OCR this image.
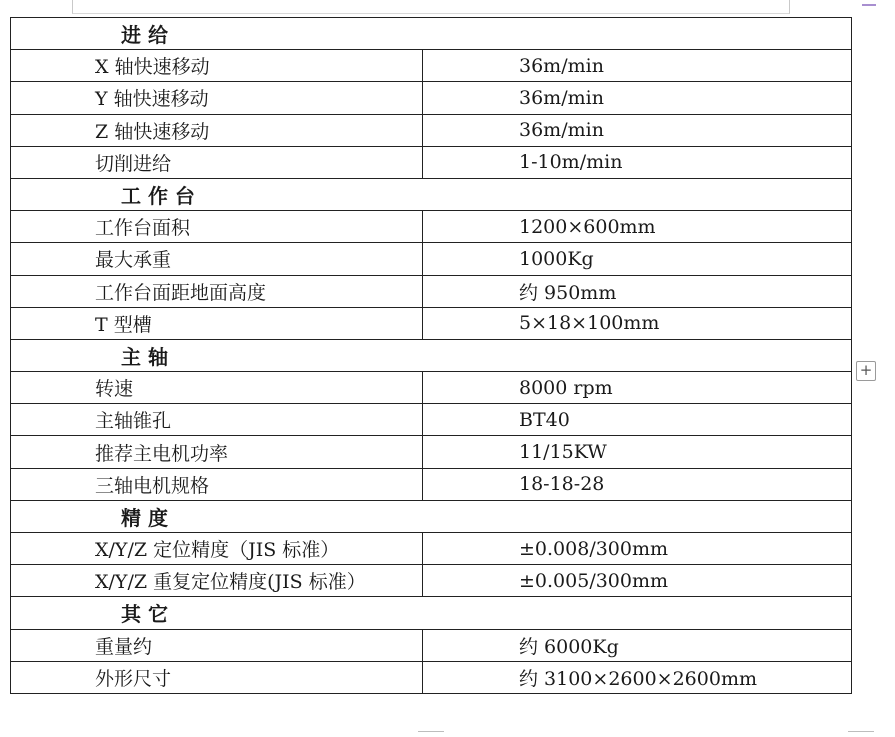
进 给	
X 轴快速移动	36m/min
Y 轴快速移动	36m/min
Z 轴快速移动	36m/min
切削进给	1-10m/min
工 作 台	
工作台面积	1200×600mm
最大承重	1000Kg
工作台面距地面高度	约 950mm
T 型槽	5×18×100mm
主 轴	
转速	8000 rpm
主轴锥孔	BT40
推荐主电机功率	11/15KW
三轴电机规格	18-18-28
精 度	
X/Y/Z 定位精度（JIS 标准）	±0.008/300mm
X/Y/Z 重复定位精度(JIS 标准）	±0.005/300mm
其 它	
重量约	约 6000Kg
外形尺寸	约 3100×2600×2600mm
+
